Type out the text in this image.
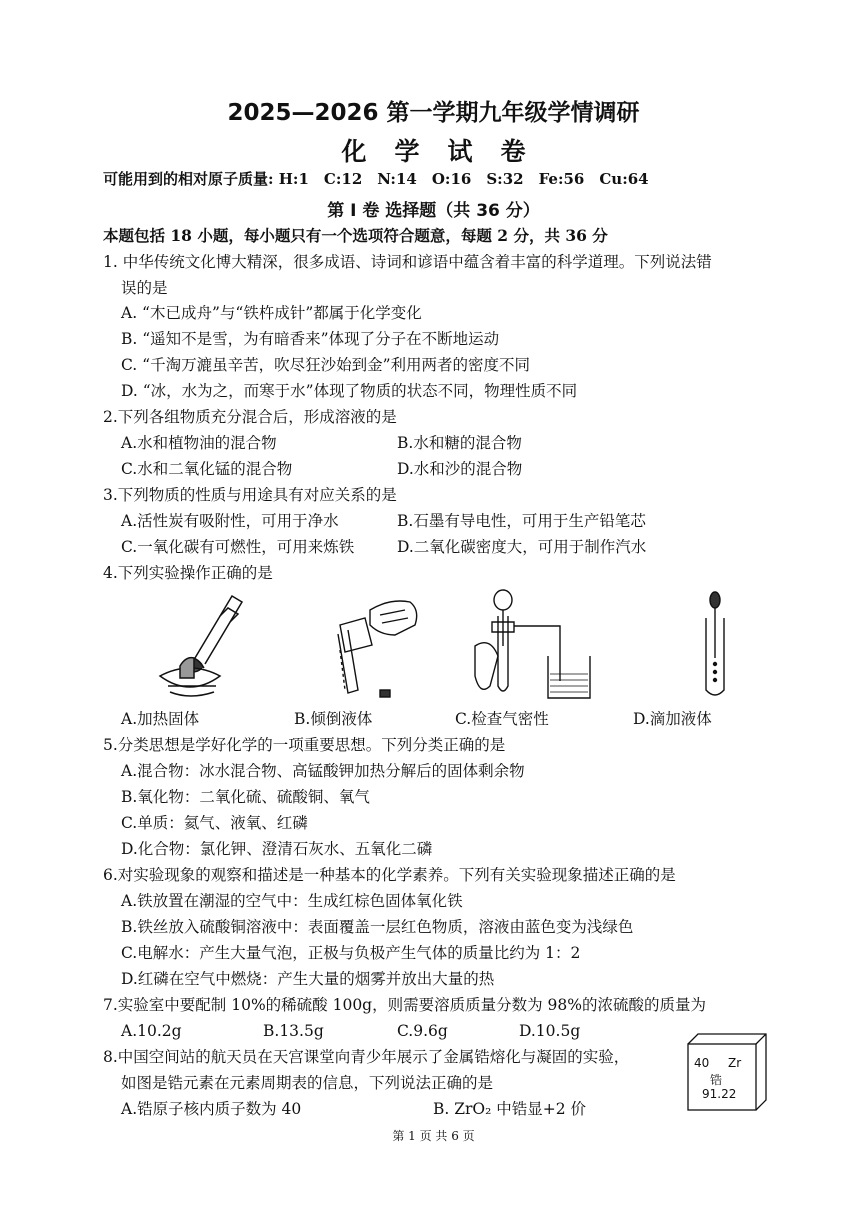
2025—2026 第一学期九年级学情调研
化学试卷
可能用到的相对原子质量: H:1　C:12　N:14　O:16　S:32　Fe:56　Cu:64
第 I 卷 选择题（共 36 分）
本题包括 18 小题，每小题只有一个选项符合题意，每题 2 分，共 36 分
1. 中华传统文化博大精深，很多成语、诗词和谚语中蕴含着丰富的科学道理。下列说法错
误的是
A. “木已成舟”与“铁杵成针”都属于化学变化
B. “遥知不是雪，为有暗香来”体现了分子在不断地运动
C. “千淘万漉虽辛苦，吹尽狂沙始到金”利用两者的密度不同
D. “冰，水为之，而寒于水”体现了物质的状态不同，物理性质不同
2.下列各组物质充分混合后，形成溶液的是
A.水和植物油的混合物	B.水和糖的混合物
C.水和二氧化锰的混合物	D.水和沙的混合物
3.下列物质的性质与用途具有对应关系的是
A.活性炭有吸附性，可用于净水	B.石墨有导电性，可用于生产铅笔芯
C.一氧化碳有可燃性，可用来炼铁	D.二氧化碳密度大，可用于制作汽水
4.下列实验操作正确的是
A.加热固体	B.倾倒液体	C.检查气密性	D.滴加液体
5.分类思想是学好化学的一项重要思想。下列分类正确的是
A.混合物：冰水混合物、高锰酸钾加热分解后的固体剩余物
B.氧化物：二氧化硫、硫酸铜、氧气
C.单质：氦气、液氧、红磷
D.化合物：氯化钾、澄清石灰水、五氧化二磷
6.对实验现象的观察和描述是一种基本的化学素养。下列有关实验现象描述正确的是
A.铁放置在潮湿的空气中：生成红棕色固体氧化铁
B.铁丝放入硫酸铜溶液中：表面覆盖一层红色物质，溶液由蓝色变为浅绿色
C.电解水：产生大量气泡，正极与负极产生气体的质量比约为 1：2
D.红磷在空气中燃烧：产生大量的烟雾并放出大量的热
7.实验室中要配制 10%的稀硫酸 100g，则需要溶质质量分数为 98%的浓硫酸的质量为
A.10.2g	B.13.5g	C.9.6g	D.10.5g
8.中国空间站的航天员在天宫课堂向青少年展示了金属锆熔化与凝固的实验，
如图是锆元素在元素周期表的信息，下列说法正确的是
A.锆原子核内质子数为 40	B. ZrO₂ 中锆显+2 价
40 Zr
锆
91.22
第 1 页 共 6 页
